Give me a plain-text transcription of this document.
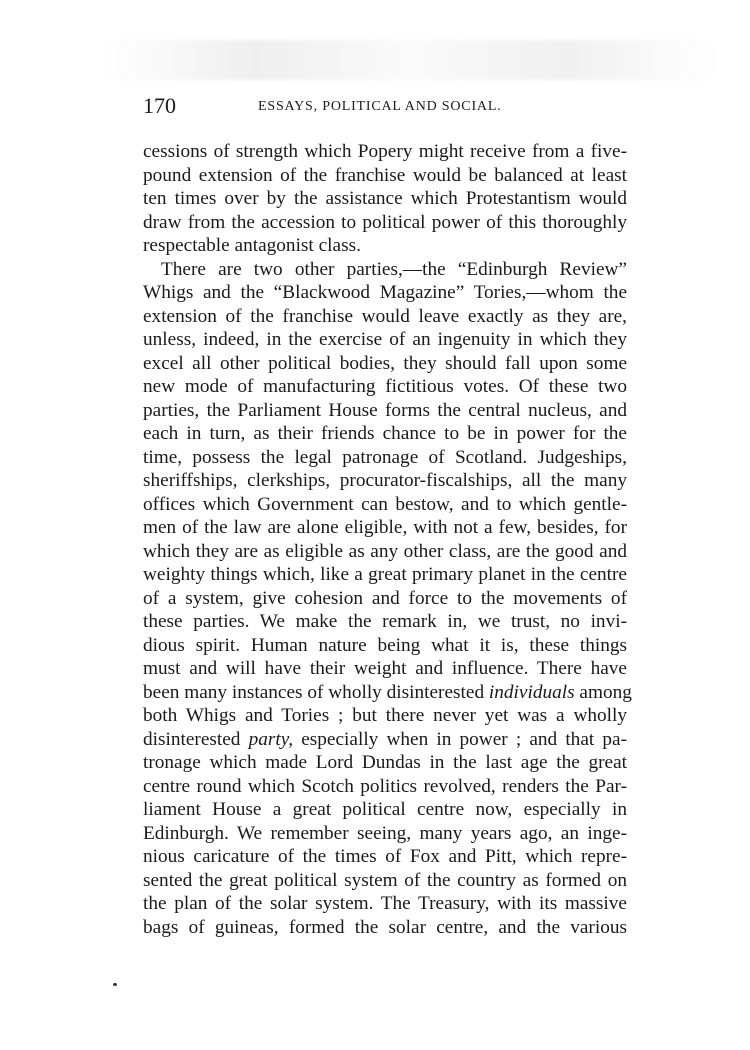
170	ESSAYS, POLITICAL AND SOCIAL.
cessions of strength which Popery might receive from a five-
pound extension of the franchise would be balanced at least
ten times over by the assistance which Protestantism would
draw from the accession to political power of this thoroughly
respectable antagonist class.
There are two other parties,—the “Edinburgh Review”
Whigs and the “Blackwood Magazine” Tories,—whom the
extension of the franchise would leave exactly as they are,
unless, indeed, in the exercise of an ingenuity in which they
excel all other political bodies, they should fall upon some
new mode of manufacturing fictitious votes. Of these two
parties, the Parliament House forms the central nucleus, and
each in turn, as their friends chance to be in power for the
time, possess the legal patronage of Scotland. Judgeships,
sheriffships, clerkships, procurator-fiscalships, all the many
offices which Government can bestow, and to which gentle-
men of the law are alone eligible, with not a few, besides, for
which they are as eligible as any other class, are the good and
weighty things which, like a great primary planet in the centre
of a system, give cohesion and force to the movements of
these parties. We make the remark in, we trust, no invi-
dious spirit. Human nature being what it is, these things
must and will have their weight and influence. There have
been many instances of wholly disinterested individuals among
both Whigs and Tories ; but there never yet was a wholly
disinterested party, especially when in power ; and that pa-
tronage which made Lord Dundas in the last age the great
centre round which Scotch politics revolved, renders the Par-
liament House a great political centre now, especially in
Edinburgh. We remember seeing, many years ago, an inge-
nious caricature of the times of Fox and Pitt, which repre-
sented the great political system of the country as formed on
the plan of the solar system. The Treasury, with its massive
bags of guineas, formed the solar centre, and the various
